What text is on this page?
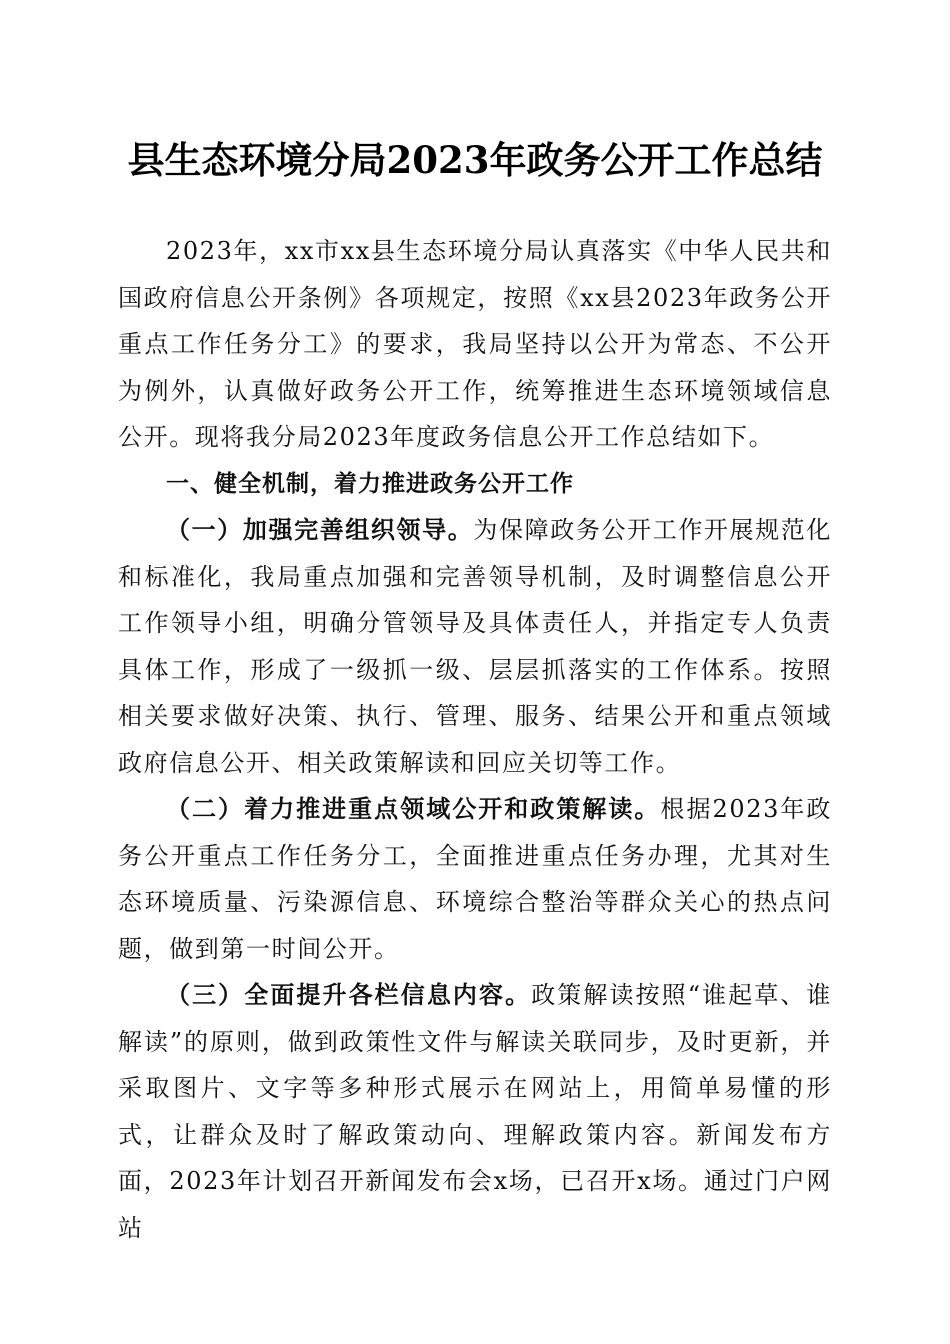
县生态环境分局2023年政务公开工作总结

2023年，xx市xx县生态环境分局认真落实《中华人民共和国政府信息公开条例》各项规定，按照《xx县2023年政务公开重点工作任务分工》的要求，我局坚持以公开为常态、不公开为例外，认真做好政务公开工作，统筹推进生态环境领域信息公开。现将我分局2023年度政务信息公开工作总结如下。

一、健全机制，着力推进政务公开工作

（一）加强完善组织领导。为保障政务公开工作开展规范化和标准化，我局重点加强和完善领导机制，及时调整信息公开工作领导小组，明确分管领导及具体责任人，并指定专人负责具体工作，形成了一级抓一级、层层抓落实的工作体系。按照相关要求做好决策、执行、管理、服务、结果公开和重点领域政府信息公开、相关政策解读和回应关切等工作。

（二）着力推进重点领域公开和政策解读。根据2023年政务公开重点工作任务分工，全面推进重点任务办理，尤其对生态环境质量、污染源信息、环境综合整治等群众关心的热点问题，做到第一时间公开。

（三）全面提升各栏信息内容。政策解读按照“谁起草、谁解读”的原则，做到政策性文件与解读关联同步，及时更新，并采取图片、文字等多种形式展示在网站上，用简单易懂的形式，让群众及时了解政策动向、理解政策内容。新闻发布方面，2023年计划召开新闻发布会x场，已召开x场。通过门户网站
